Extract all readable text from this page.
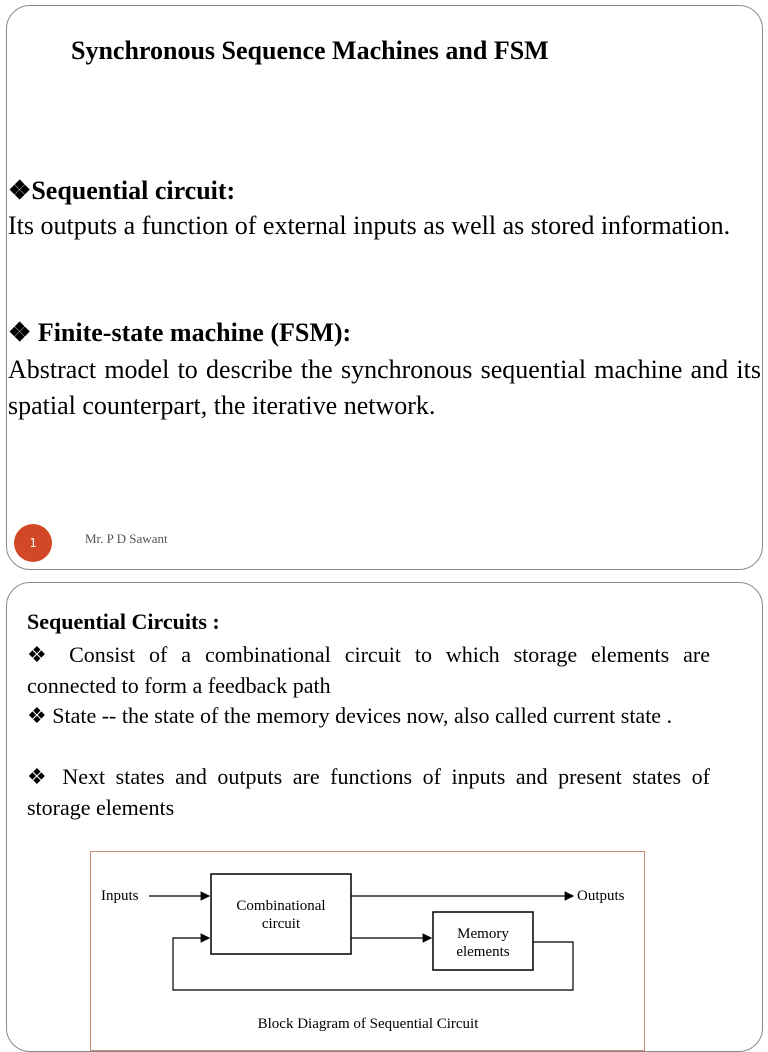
Synchronous Sequence Machines and FSM
❖Sequential circuit:
Its outputs a function of external inputs as well as stored information.
❖ Finite-state machine (FSM):
Abstract model to describe the synchronous sequential machine and its spatial counterpart, the iterative network.
1	Mr. P D Sawant
Sequential Circuits :
❖ Consist of a combinational circuit to which storage elements are connected to form a feedback path
❖ State -- the state of the memory devices now, also called current state .
❖ Next states and outputs are functions of inputs and present states of storage elements
Inputs
Combinational
circuit
Outputs
Memory
elements
Block Diagram of Sequential Circuit
